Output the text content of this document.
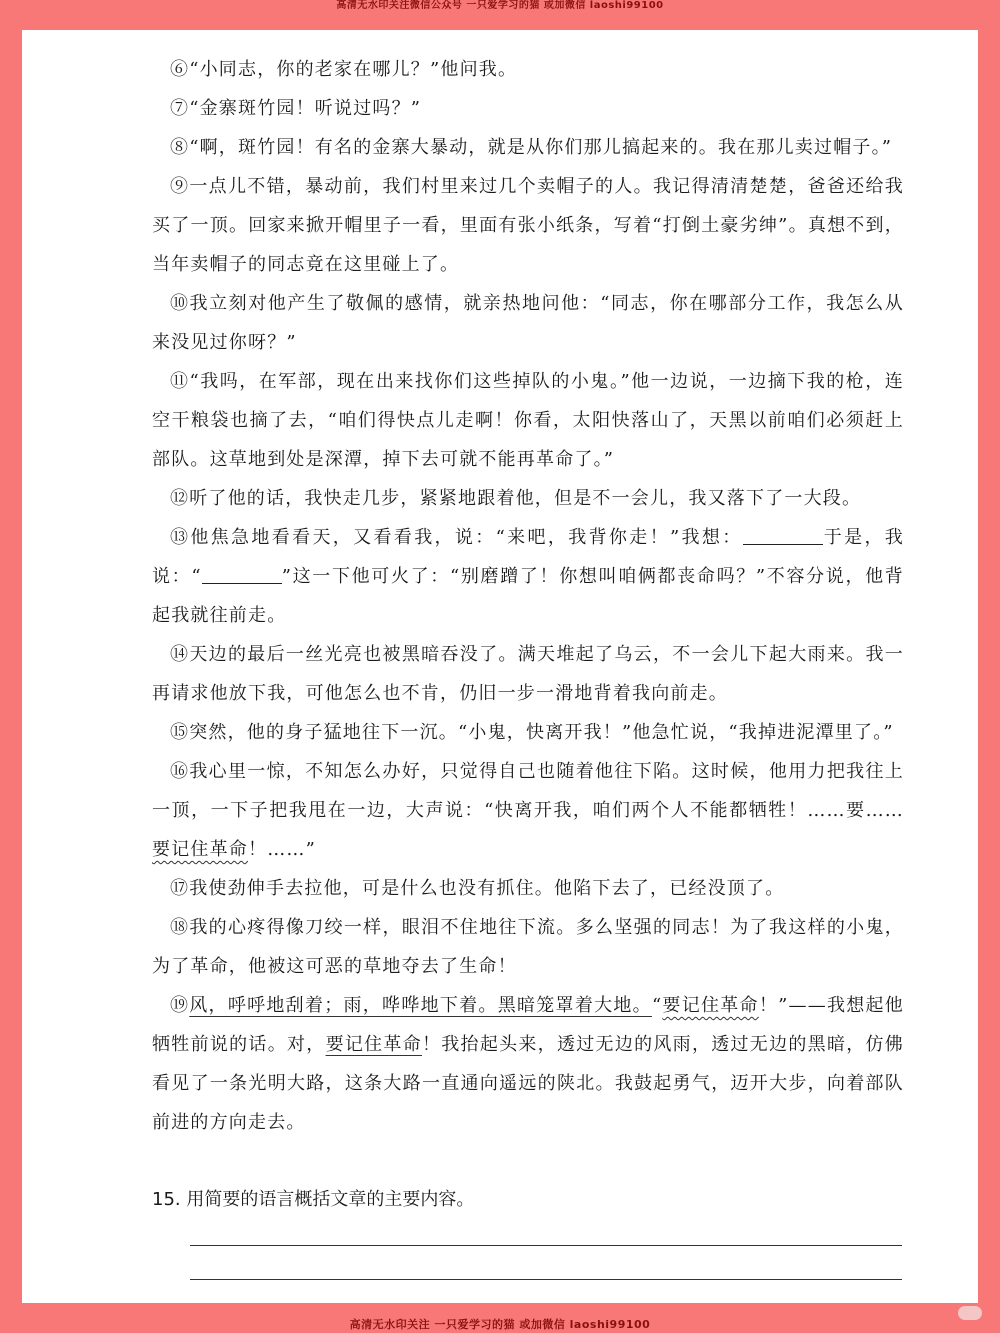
高清无水印关注微信公众号 一只爱学习的猫 或加微信 laoshi99100

⑥“小同志，你的老家在哪儿？”他问我。

⑦“金寨斑竹园！听说过吗？”

⑧“啊，斑竹园！有名的金寨大暴动，就是从你们那儿搞起来的。我在那儿卖过帽子。”

⑨一点儿不错，暴动前，我们村里来过几个卖帽子的人。我记得清清楚楚，爸爸还给我买了一顶。回家来掀开帽里子一看，里面有张小纸条，写着“打倒土豪劣绅”。真想不到，当年卖帽子的同志竟在这里碰上了。

⑩我立刻对他产生了敬佩的感情，就亲热地问他：“同志，你在哪部分工作，我怎么从来没见过你呀？”

⑪“我吗，在军部，现在出来找你们这些掉队的小鬼。”他一边说，一边摘下我的枪，连空干粮袋也摘了去，“咱们得快点儿走啊！你看，太阳快落山了，天黑以前咱们必须赶上部队。这草地到处是深潭，掉下去可就不能再革命了。”

⑫听了他的话，我快走几步，紧紧地跟着他，但是不一会儿，我又落下了一大段。

⑬他焦急地看看天，又看看我，说：“来吧，我背你走！”我想：	于是，我说：“	”这一下他可火了：“别磨蹭了！你想叫咱俩都丧命吗？”不容分说，他背起我就往前走。

⑭天边的最后一丝光亮也被黑暗吞没了。满天堆起了乌云，不一会儿下起大雨来。我一再请求他放下我，可他怎么也不肯，仍旧一步一滑地背着我向前走。

⑮突然，他的身子猛地往下一沉。“小鬼，快离开我！”他急忙说，“我掉进泥潭里了。”

⑯我心里一惊，不知怎么办好，只觉得自己也随着他往下陷。这时候，他用力把我往上一顶，一下子把我甩在一边，大声说：“快离开我，咱们两个人不能都牺牲！……要……要记住革命！……”

⑰我使劲伸手去拉他，可是什么也没有抓住。他陷下去了，已经没顶了。

⑱我的心疼得像刀绞一样，眼泪不住地往下流。多么坚强的同志！为了我这样的小鬼，为了革命，他被这可恶的草地夺去了生命！

⑲风，呼呼地刮着；雨，哗哗地下着。黑暗笼罩着大地。“要记住革命！”——我想起他牺牲前说的话。对，要记住革命！我抬起头来，透过无边的风雨，透过无边的黑暗，仿佛看见了一条光明大路，这条大路一直通向遥远的陕北。我鼓起勇气，迈开大步，向着部队前进的方向走去。

15. 用简要的语言概括文章的主要内容。
高清无水印关注 一只爱学习的猫 或加微信 laoshi99100
